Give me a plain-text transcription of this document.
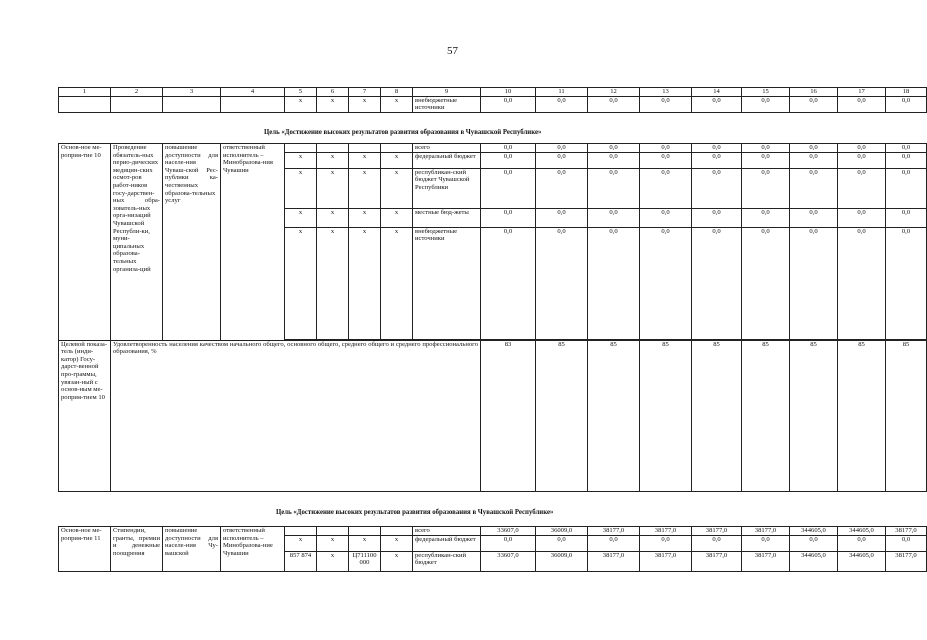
57
1	2	3	4	5	6	7	8	9	10	11	12	13	14	15	16	17	18
				х	х	х	х	внебюджетные источники	0,0	0,0	0,0	0,0	0,0	0,0	0,0	0,0	0,0
Цель «Достижение высоких результатов развития образования в Чувашской Республике»
Основ-ное ме-роприя-тие 10	Проведение обязатель-ных перио-дических медицин-ских осмот-ров работ-ников госу-дарствен-ных обра-зователь-ных орга-низаций Чувашской Республи-ки, муни-ципальных образова-тельных организа-ций	повышение доступности для населе-ния Чуваш-ской Рес-публики ка-чественных образова-тельных услуг	ответственный исполнитель – Минобразова-ния Чувашии					всего	0,0	0,0	0,0	0,0	0,0	0,0	0,0	0,0	0,0
				х	х	х	х	федеральный бюджет	0,0	0,0	0,0	0,0	0,0	0,0	0,0	0,0	0,0
				х	х	х	х	республикан-ский бюджет Чувашской Республики	0,0	0,0	0,0	0,0	0,0	0,0	0,0	0,0	0,0
				х	х	х	х	местные бюд-жеты	0,0	0,0	0,0	0,0	0,0	0,0	0,0	0,0	0,0
				х	х	х	х	внебюджетные источники	0,0	0,0	0,0	0,0	0,0	0,0	0,0	0,0	0,0

Целевой показа-тель (инди-катор) Госу-дарст-венной про-граммы, увязан-ный с основ-ным ме-роприя-тием 10	Удовлетворенность населения качеством начального общего, основного общего, среднего общего и среднего профессионального образования, %								83	85	85	85	85	85	85	85	85
Цель «Достижение высоких результатов развития образования в Чувашской Республике»
Основ-ное ме-роприя-тие 11	Стипендии, гранты, премии и денежные поощрения	повышение доступности для населе-ния Чу-вашской	ответственный исполнитель – Минобразова-ние Чувашии					всего	33607,0	36009,0	38177,0	38177,0	38177,0	38177,0	344605,0	344605,0	38177,0
				х	х	х	х	федеральный бюджет	0,0	0,0	0,0	0,0	0,0	0,0	0,0	0,0	0,0
				857 874	х	Ц711100 000	х	республикан-ский бюджет	33607,0	36009,0	38177,0	38177,0	38177,0	38177,0	344605,0	344605,0	38177,0
